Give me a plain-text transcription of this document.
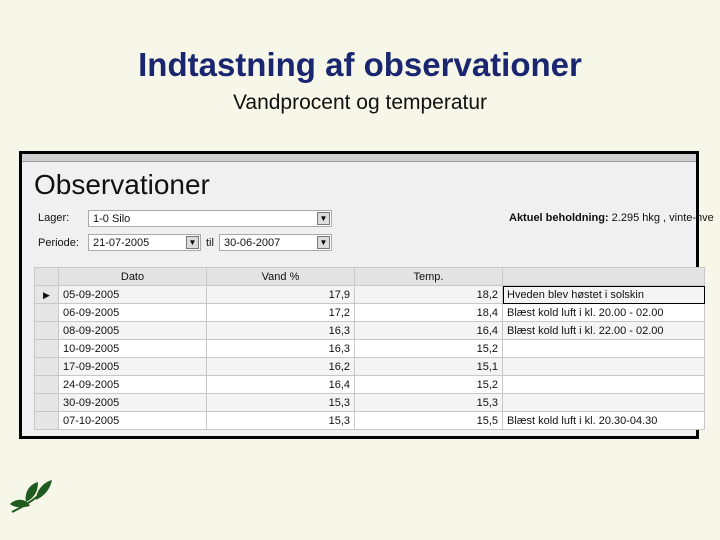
Indtastning af observationer
Vandprocent og temperatur
Observationer
Lager: 1-0 Silo	▼
Periode: 21-07-2005	▼ til 30-06-2007	▼
Aktuel beholdning: 2.295 hkg , vinte-hve
	Dato	Vand %	Temp.	
▶	05-09-2005	17,9	18,2	Hveden blev høstet i solskin
	06-09-2005	17,2	18,4	Blæst kold luft i kl. 20.00 - 02.00
	08-09-2005	16,3	16,4	Blæst kold luft i kl. 22.00 - 02.00
	10-09-2005	16,3	15,2	
	17-09-2005	16,2	15,1	
	24-09-2005	16,4	15,2	
	30-09-2005	15,3	15,3	
	07-10-2005	15,3	15,5	Blæst kold luft i kl. 20.30-04.30
